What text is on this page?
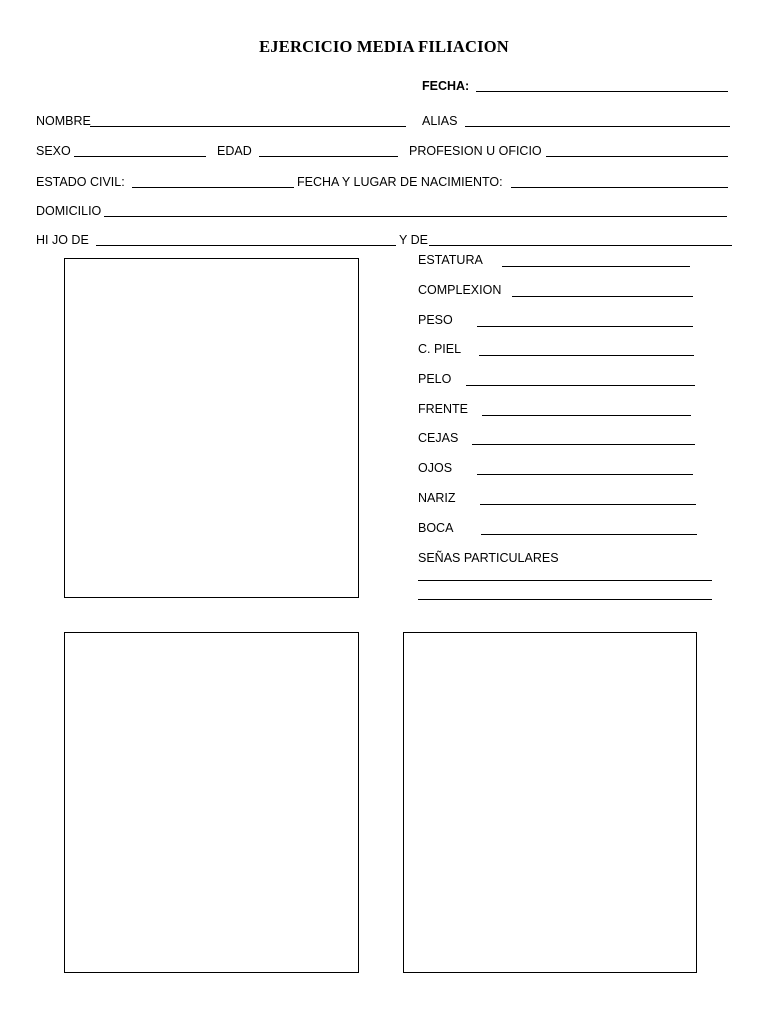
EJERCICIO MEDIA FILIACION
FECHA:
NOMBRE	ALIAS
SEXO	EDAD	PROFESION U OFICIO
ESTADO CIVIL:	FECHA Y LUGAR DE NACIMIENTO:
DOMICILIO
HI JO DE	Y DE
ESTATURA
COMPLEXION
PESO
C. PIEL
PELO
FRENTE
CEJAS
OJOS
NARIZ
BOCA
SEÑAS PARTICULARES
